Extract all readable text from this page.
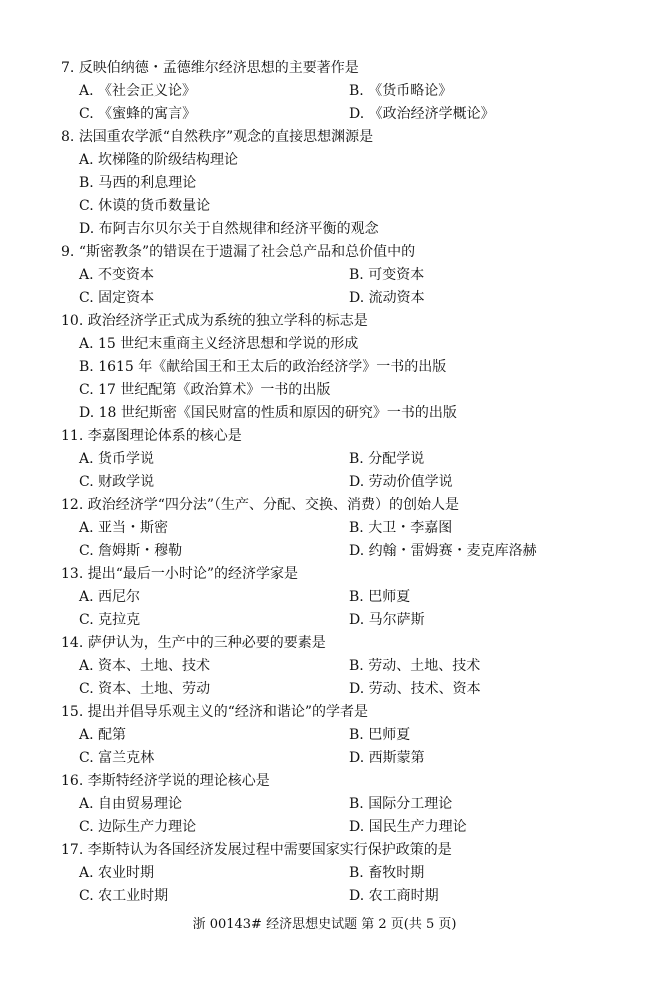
7. 反映伯纳德・孟德维尔经济思想的主要著作是
A. 《社会正义论》	B. 《货币略论》
C. 《蜜蜂的寓言》	D. 《政治经济学概论》
8. 法国重农学派“自然秩序”观念的直接思想渊源是
A. 坎梯隆的阶级结构理论
B. 马西的利息理论
C. 休谟的货币数量论
D. 布阿吉尔贝尔关于自然规律和经济平衡的观念
9. “斯密教条”的错误在于遗漏了社会总产品和总价值中的
A. 不变资本	B. 可变资本
C. 固定资本	D. 流动资本
10. 政治经济学正式成为系统的独立学科的标志是
A. 15 世纪末重商主义经济思想和学说的形成
B. 1615 年《献给国王和王太后的政治经济学》一书的出版
C. 17 世纪配第《政治算术》一书的出版
D. 18 世纪斯密《国民财富的性质和原因的研究》一书的出版
11. 李嘉图理论体系的核心是
A. 货币学说	B. 分配学说
C. 财政学说	D. 劳动价值学说
12. 政治经济学“四分法”（生产、分配、交换、消费）的创始人是
A. 亚当・斯密	B. 大卫・李嘉图
C. 詹姆斯・穆勒	D. 约翰・雷姆赛・麦克库洛赫
13. 提出“最后一小时论”的经济学家是
A. 西尼尔	B. 巴师夏
C. 克拉克	D. 马尔萨斯
14. 萨伊认为，生产中的三种必要的要素是
A. 资本、土地、技术	B. 劳动、土地、技术
C. 资本、土地、劳动	D. 劳动、技术、资本
15. 提出并倡导乐观主义的“经济和谐论”的学者是
A. 配第	B. 巴师夏
C. 富兰克林	D. 西斯蒙第
16. 李斯特经济学说的理论核心是
A. 自由贸易理论	B. 国际分工理论
C. 边际生产力理论	D. 国民生产力理论
17. 李斯特认为各国经济发展过程中需要国家实行保护政策的是
A. 农业时期	B. 畜牧时期
C. 农工业时期	D. 农工商时期
浙 00143# 经济思想史试题 第 2 页(共 5 页)
